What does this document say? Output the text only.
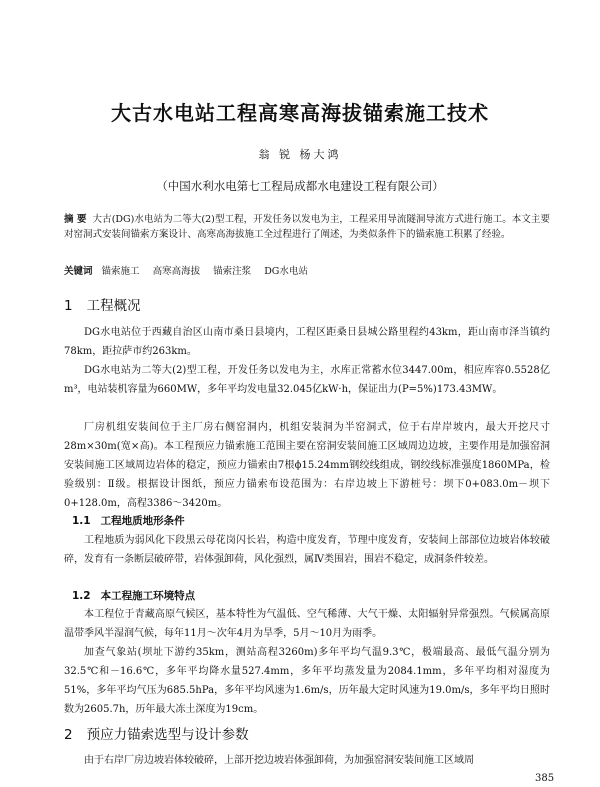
大古水电站工程高寒高海拔锚索施工技术
翁 锐 杨大鸿
（中国水利水电第七工程局成都水电建设工程有限公司）

摘 要 大古(DG)水电站为二等大(2)型工程，开发任务以发电为主，工程采用导流隧洞导流方式进行施工。本文主要对窑洞式安装间锚索方案设计、高寒高海拔施工全过程进行了阐述，为类似条件下的锚索施工积累了经验。

关键词 锚索施工 高寒高海拔 锚索注浆 DG水电站
1 工程概况

DG水电站位于西藏自治区山南市桑日县境内，工程区距桑日县城公路里程约43km，距山南市泽当镇约78km，距拉萨市约263km。

DG水电站为二等大(2)型工程，开发任务以发电为主，水库正常蓄水位3447.00m，相应库容0.5528亿m³，电站装机容量为660MW，多年平均发电量32.045亿kW·h，保证出力(P=5%)173.43MW。

厂房机组安装间位于主厂房右侧窑洞内，机组安装洞为半窑洞式，位于右岸岸坡内，最大开挖尺寸28m×30m(宽×高)。本工程预应力锚索施工范围主要在窑洞安装间施工区域周边边坡，主要作用是加强窑洞安装间施工区域周边岩体的稳定，预应力锚索由7根ϕ15.24mm钢绞线组成，钢绞线标准强度1860MPa，检验级别：Ⅱ级。根据设计图纸，预应力锚索布设范围为：右岸边坡上下游桩号：坝下0+083.0m－坝下0+128.0m，高程3386～3420m。

1.1 工程地质地形条件

工程地质为弱风化下段黑云母花岗闪长岩，构造中度发育，节理中度发育，安装间上部部位边坡岩体较破碎，发育有一条断层破碎带，岩体强卸荷，风化强烈，属Ⅳ类围岩，围岩不稳定，成洞条件较差。

1.2 本工程施工环境特点

本工程位于青藏高原气候区，基本特性为气温低、空气稀薄、大气干燥、太阳辐射异常强烈。气候属高原温带季风半湿润气候，每年11月～次年4月为旱季，5月～10月为雨季。

加查气象站(坝址下游约35km，测站高程3260m)多年平均气温9.3℃，极端最高、最低气温分别为32.5℃和－16.6℃，多年平均降水量527.4mm，多年平均蒸发量为2084.1mm，多年平均相对湿度为51%，多年平均气压为685.5hPa，多年平均风速为1.6m/s，历年最大定时风速为19.0m/s，多年平均日照时数为2605.7h，历年最大冻土深度为19cm。

2 预应力锚索选型与设计参数

由于右岸厂房边坡岩体较破碎，上部开挖边坡岩体强卸荷，为加强窑洞安装间施工区域周

385
